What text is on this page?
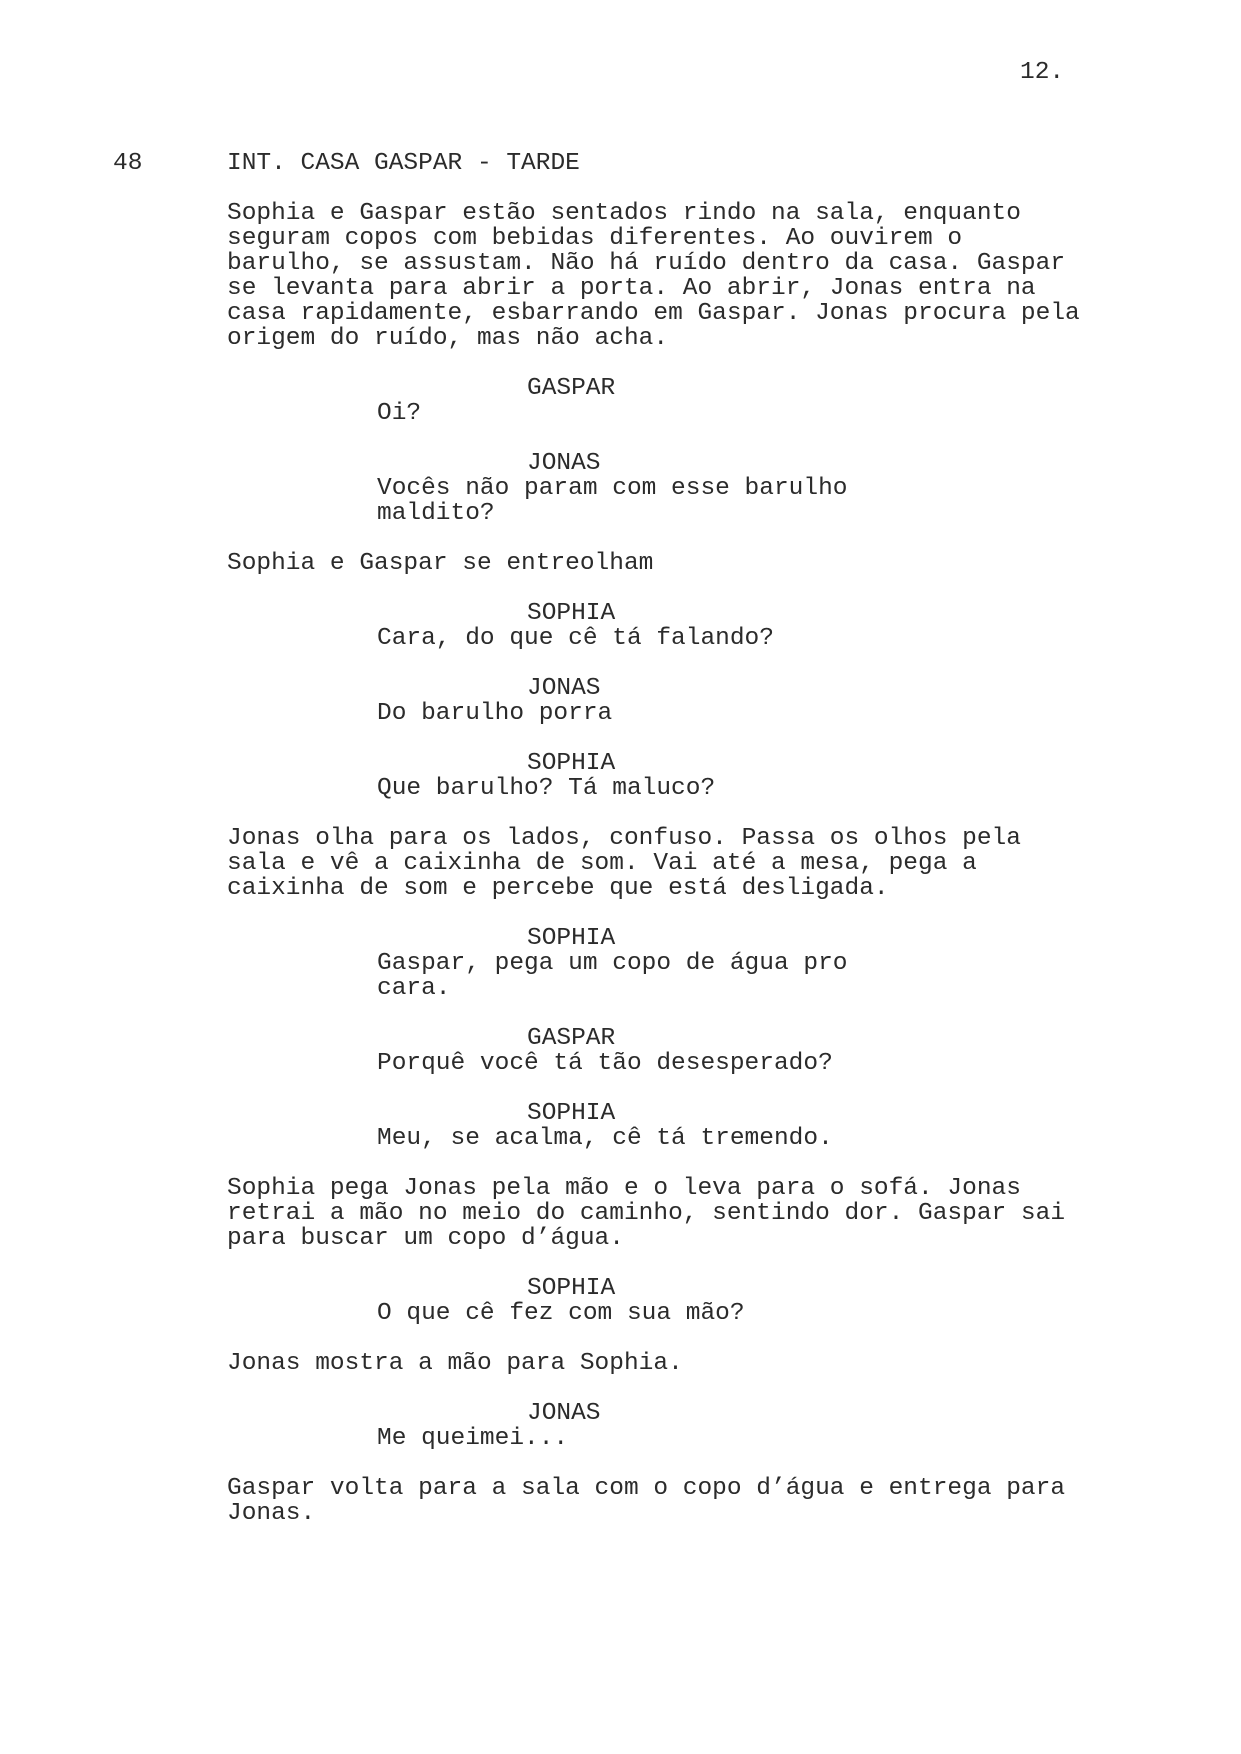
12.
48	INT. CASA GASPAR - TARDE
Sophia e Gaspar estão sentados rindo na sala, enquanto
seguram copos com bebidas diferentes. Ao ouvirem o
barulho, se assustam. Não há ruído dentro da casa. Gaspar
se levanta para abrir a porta. Ao abrir, Jonas entra na
casa rapidamente, esbarrando em Gaspar. Jonas procura pela
origem do ruído, mas não acha.
GASPAR
Oi?
JONAS
Vocês não param com esse barulho
maldito?
Sophia e Gaspar se entreolham
SOPHIA
Cara, do que cê tá falando?
JONAS
Do barulho porra
SOPHIA
Que barulho? Tá maluco?
Jonas olha para os lados, confuso. Passa os olhos pela
sala e vê a caixinha de som. Vai até a mesa, pega a
caixinha de som e percebe que está desligada.
SOPHIA
Gaspar, pega um copo de água pro
cara.
GASPAR
Porquê você tá tão desesperado?
SOPHIA
Meu, se acalma, cê tá tremendo.
Sophia pega Jonas pela mão e o leva para o sofá. Jonas
retrai a mão no meio do caminho, sentindo dor. Gaspar sai
para buscar um copo d’água.
SOPHIA
O que cê fez com sua mão?
Jonas mostra a mão para Sophia.
JONAS
Me queimei...
Gaspar volta para a sala com o copo d’água e entrega para
Jonas.
